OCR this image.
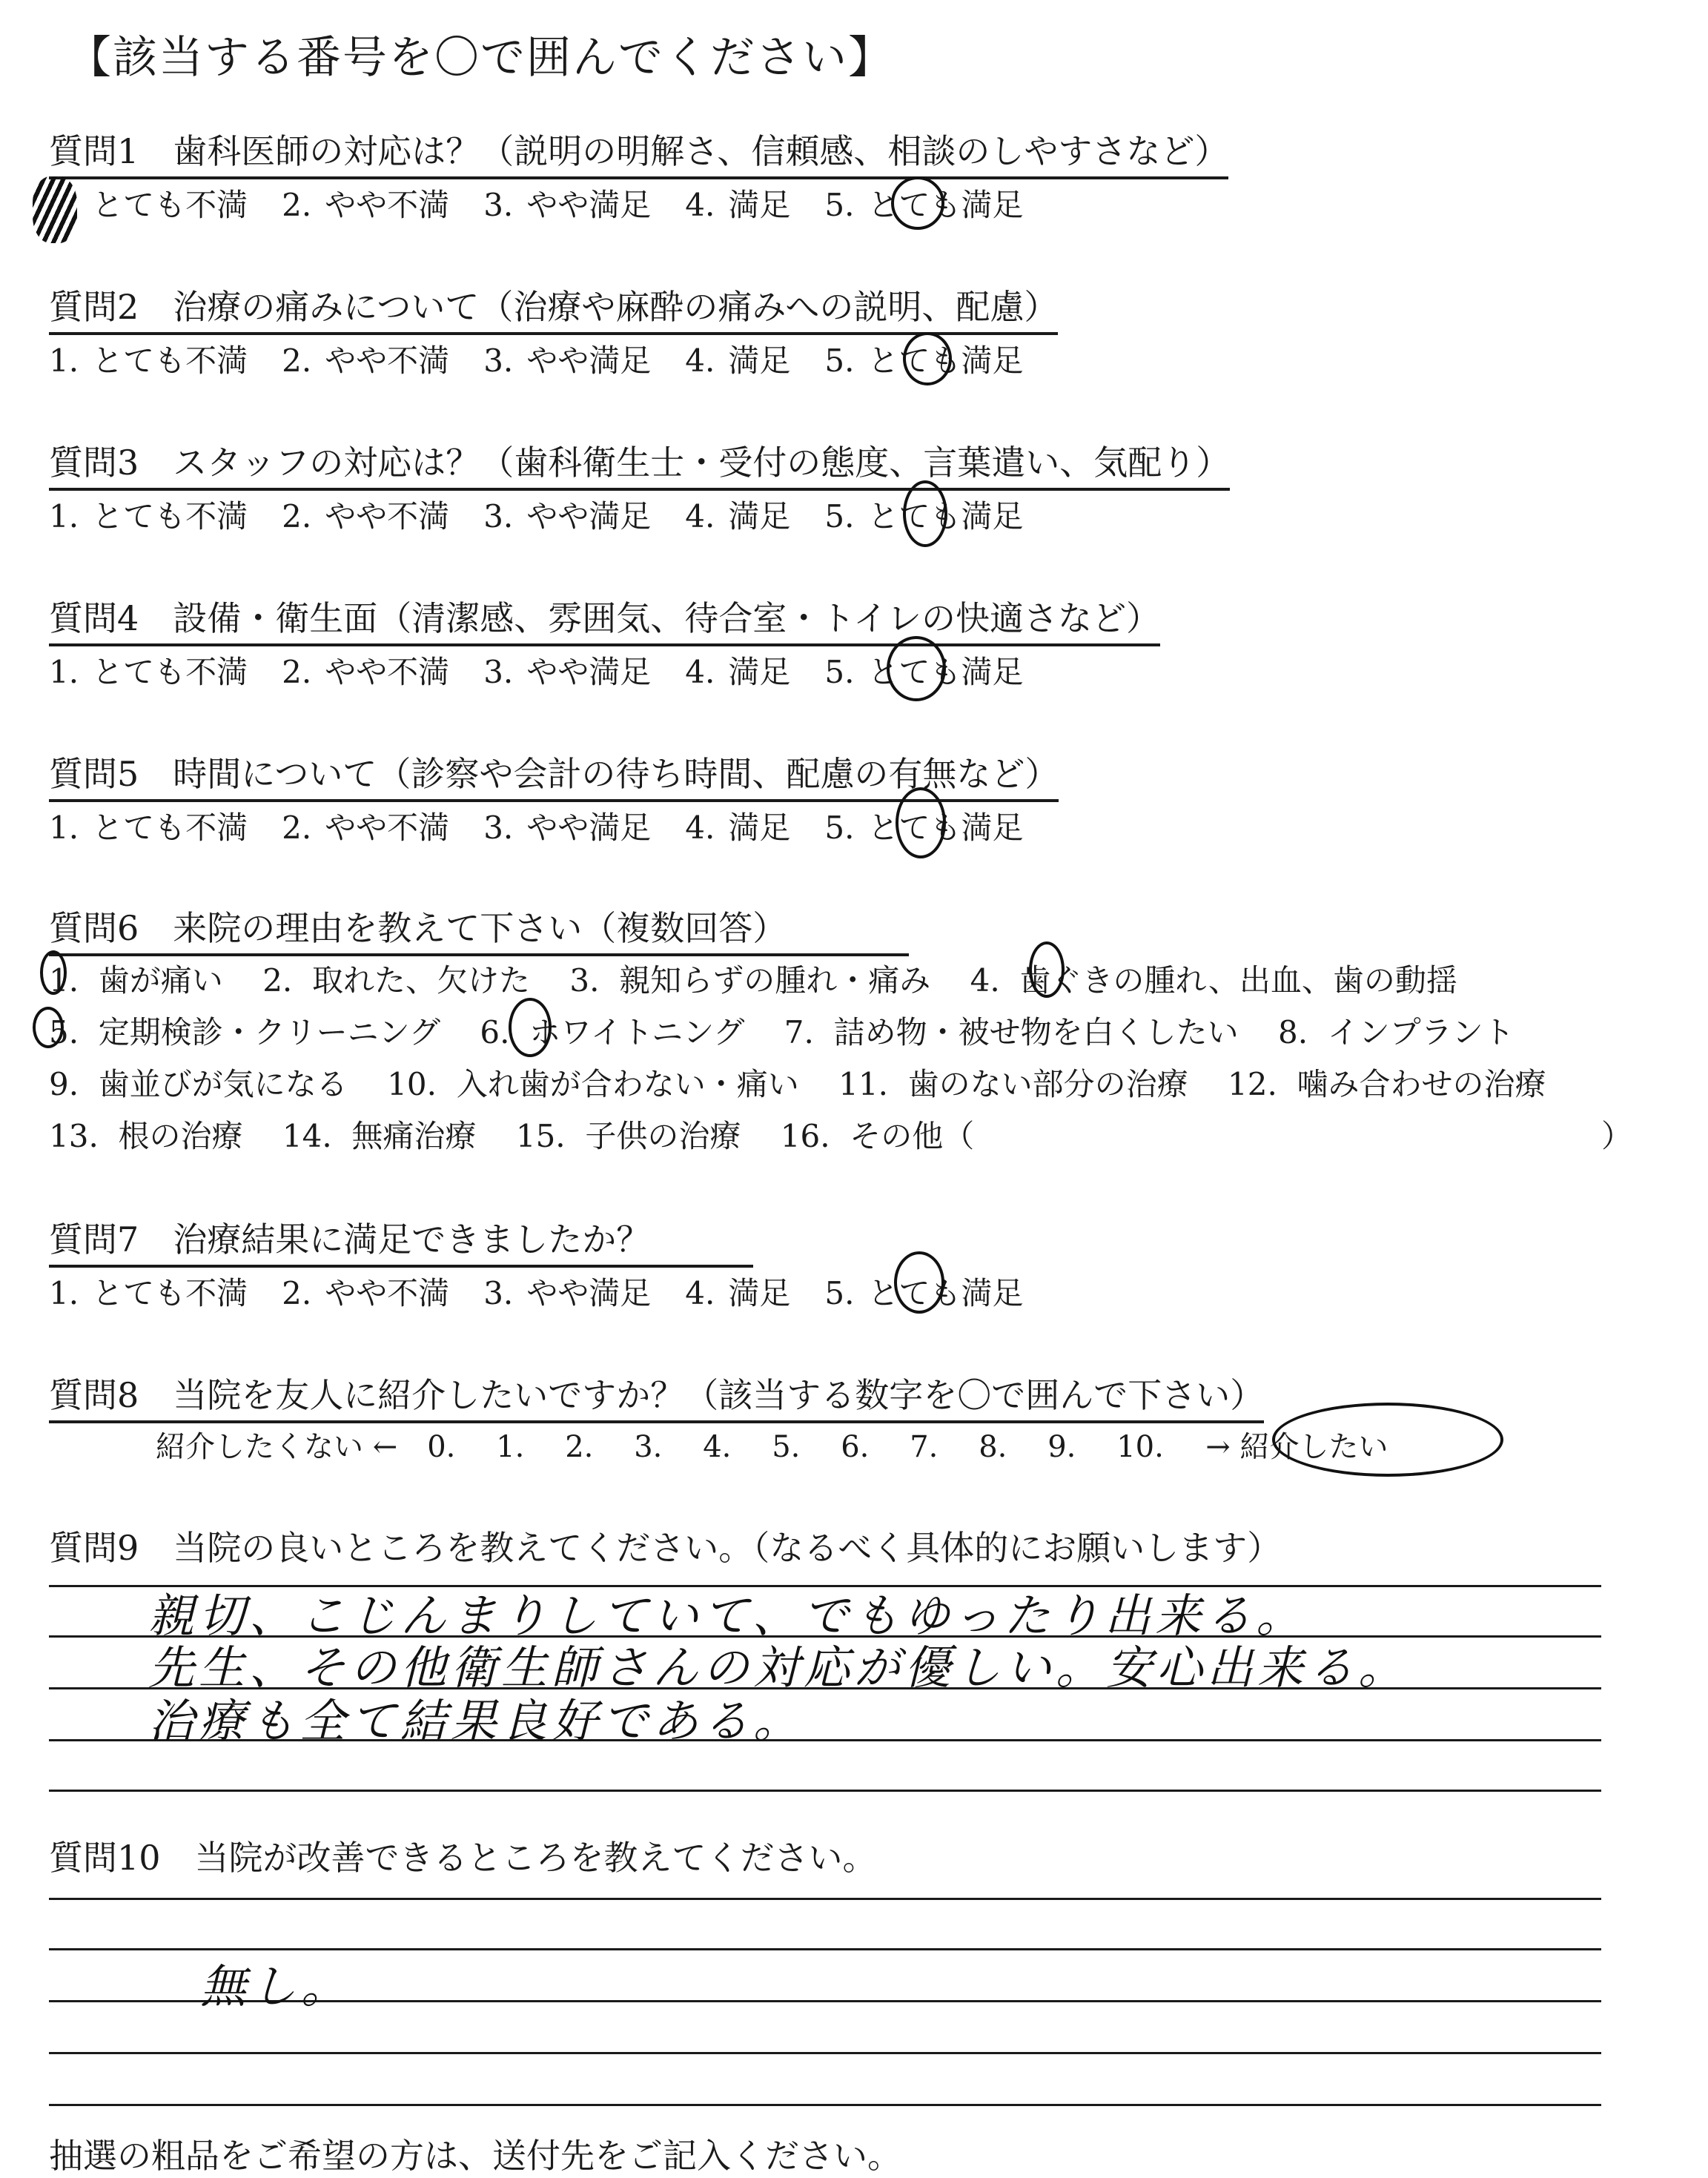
【該当する番号を〇で囲んでください】
質問1　歯科医師の対応は？（説明の明解さ、信頼感、相談のしやすさなど）
とても不満 2. やや不満 3. やや満足 4. 満足 5. とても満足
質問2　治療の痛みについて（治療や麻酔の痛みへの説明、配慮）
1. とても不満 2. やや不満 3. やや満足 4. 満足 5. とても満足
質問3　スタッフの対応は？（歯科衛生士・受付の態度、言葉遣い、気配り）
1. とても不満 2. やや不満 3. やや満足 4. 満足 5. とても満足
質問4　設備・衛生面（清潔感、雰囲気、待合室・トイレの快適さなど）
1. とても不満 2. やや不満 3. やや満足 4. 満足 5. とても満足
質問5　時間について（診察や会計の待ち時間、配慮の有無など）
1. とても不満 2. やや不満 3. やや満足 4. 満足 5. とても満足
質問6　来院の理由を教えて下さい（複数回答）
1. 歯が痛い 2. 取れた、欠けた 3. 親知らずの腫れ・痛み 4. 歯ぐきの腫れ、出血、歯の動揺
5. 定期検診・クリーニング 6. ホワイトニング 7. 詰め物・被せ物を白くしたい 8. インプラント
9. 歯並びが気になる 10. 入れ歯が合わない・痛い 11. 歯のない部分の治療 12. 噛み合わせの治療
13. 根の治療 14. 無痛治療 15. 子供の治療 16. その他（	）
質問7　治療結果に満足できましたか？
1. とても不満 2. やや不満 3. やや満足 4. 満足 5. とても満足
質問8　当院を友人に紹介したいですか？（該当する数字を〇で囲んで下さい）
紹介したくない ← 0. 1. 2. 3. 4. 5. 6. 7. 8. 9. 10. → 紹介したい
質問9　当院の良いところを教えてください。（なるべく具体的にお願いします）
親切、こじんまりしていて、でもゆったり出来る。
先生、その他衛生師さんの対応が優しい。安心出来る。
治療も全て結果良好である。
質問10　当院が改善できるところを教えてください。
無し。
抽選の粗品をご希望の方は、送付先をご記入ください。
